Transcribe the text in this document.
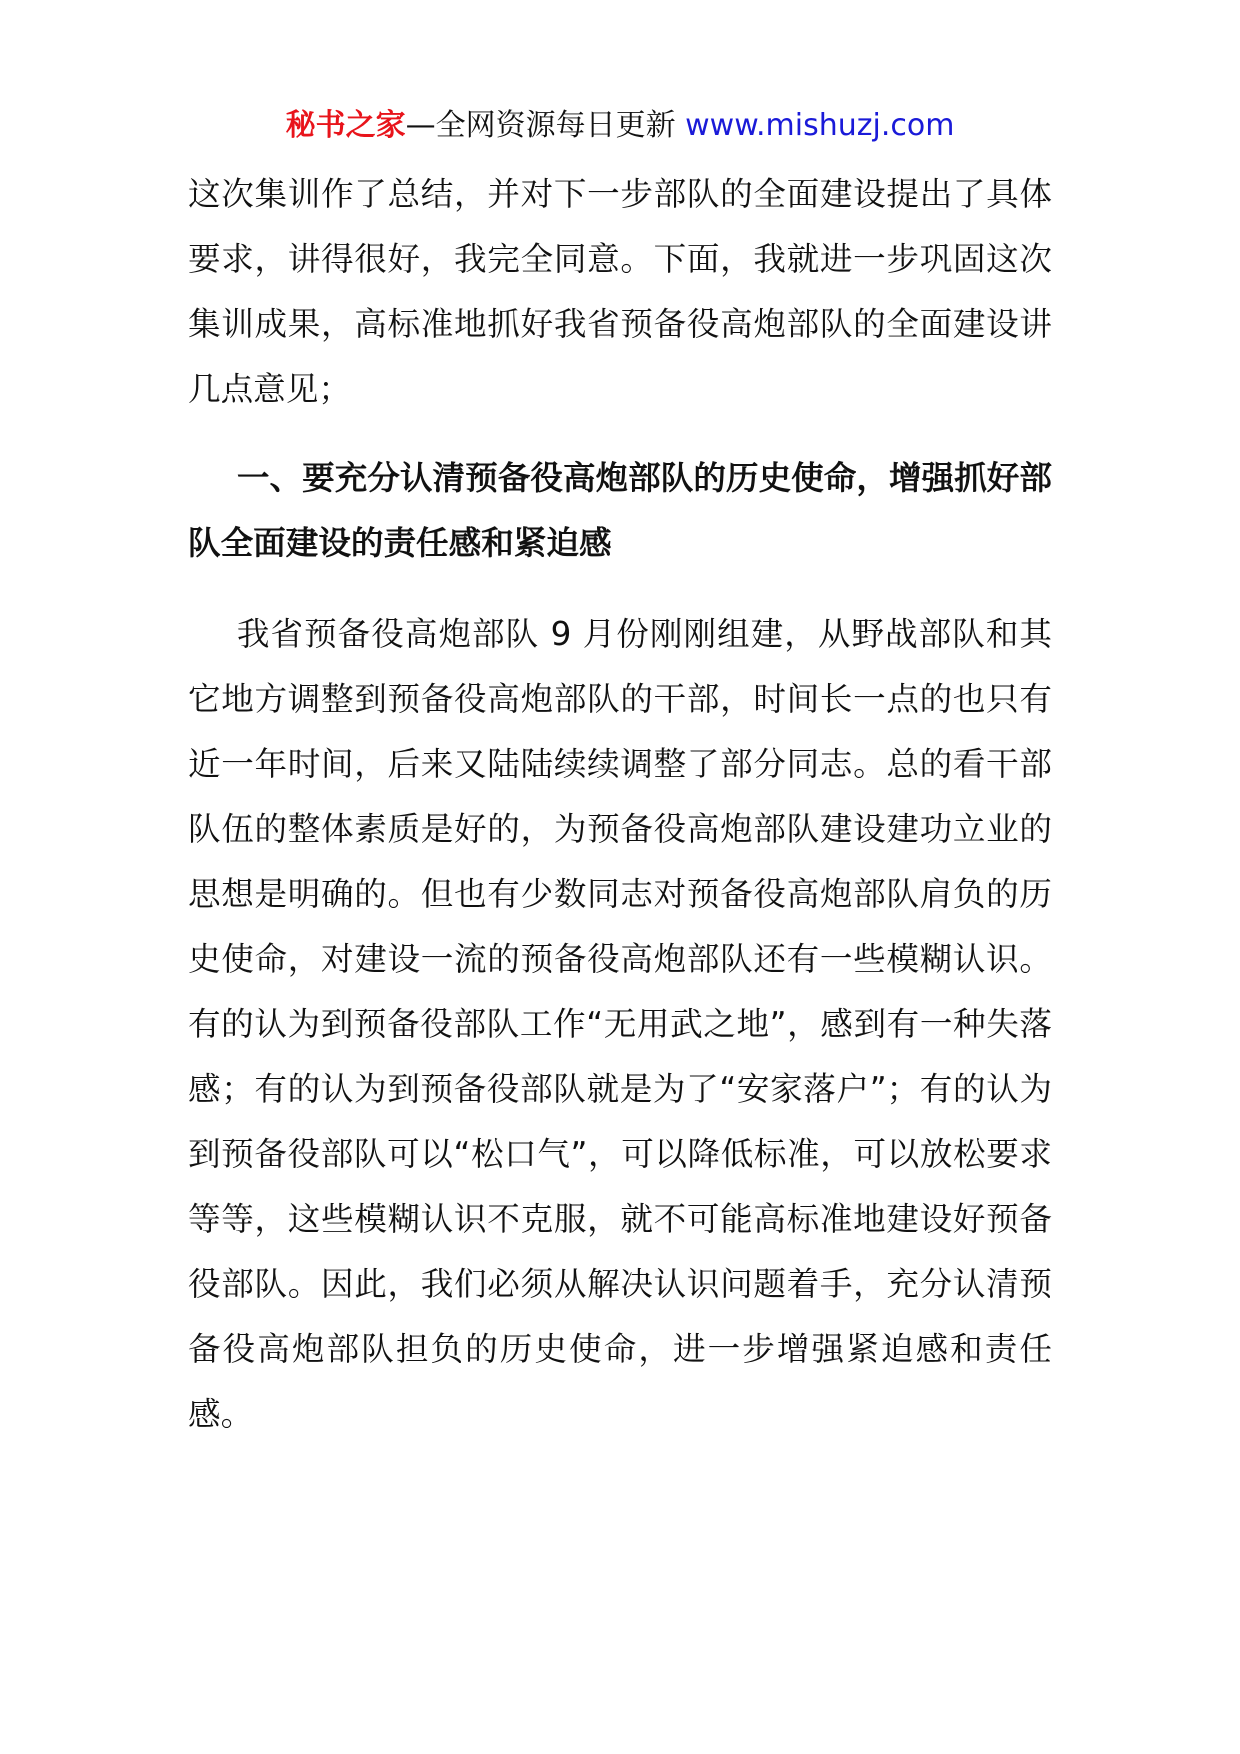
秘书之家—全网资源每日更新 www.mishuzj.com

这次集训作了总结，并对下一步部队的全面建设提出了具体要求，讲得很好，我完全同意。下面，我就进一步巩固这次集训成果，高标准地抓好我省预备役高炮部队的全面建设讲几点意见；

一、要充分认清预备役高炮部队的历史使命，增强抓好部队全面建设的责任感和紧迫感

我省预备役高炮部队 9 月份刚刚组建，从野战部队和其它地方调整到预备役高炮部队的干部，时间长一点的也只有近一年时间，后来又陆陆续续调整了部分同志。总的看干部队伍的整体素质是好的，为预备役高炮部队建设建功立业的思想是明确的。但也有少数同志对预备役高炮部队肩负的历史使命，对建设一流的预备役高炮部队还有一些模糊认识。有的认为到预备役部队工作“无用武之地”，感到有一种失落感；有的认为到预备役部队就是为了“安家落户”；有的认为到预备役部队可以“松口气”，可以降低标准，可以放松要求等等，这些模糊认识不克服，就不可能高标准地建设好预备役部队。因此，我们必须从解决认识问题着手，充分认清预备役高炮部队担负的历史使命，进一步增强紧迫感和责任感。
